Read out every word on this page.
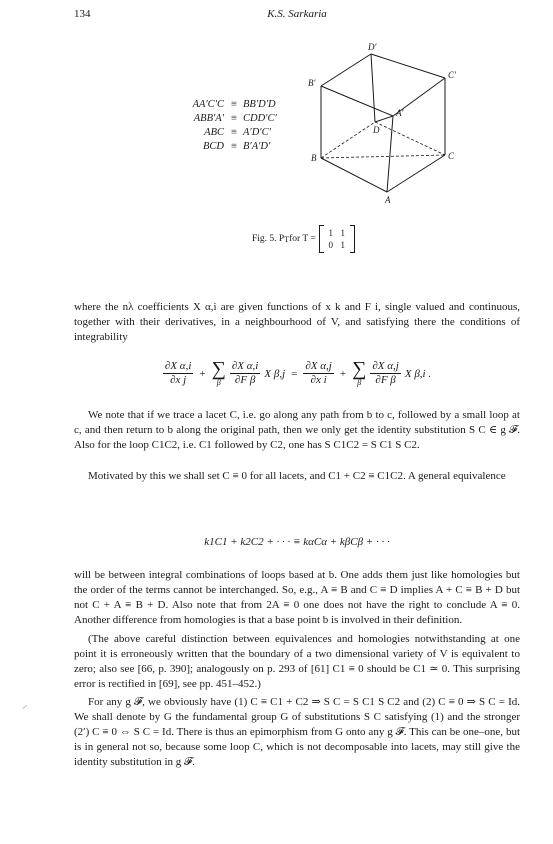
134	K.S. Sarkaria
AA′C′C ≡ BB′D′D
ABB′A′ ≡ CDD′C′
ABC ≡ A′D′C′
BCD ≡ B′A′D′
D′
B′
C′
A′
D
B	C
A
Fig. 5. P T for T =
1 1
0 1

where the nλ coefficients X α,i are given functions of x k and F i, single valued and continuous, together with their derivatives, in a neighbourhood of V, and satisfying there the conditions of integrability

$\frac{\text{∂X α,i}}{\text{∂x j}}$ + ∑
β $\frac{\text{∂X α,i}}{\text{∂F β}}$ X $\beta,j = \frac{\text{∂X α,j}}{\text{∂x i}}$ + ∑
β $\frac{\text{∂X α,j}}{\text{∂F β}}$ X β,i .

We note that if we trace a lacet C, i.e. go along any path from b to c, followed by a small loop at c, and then return to b along the original path, then we only get the identity substitution S C ∈ g 𝓕. Also for the loop C1C2, i.e. C1 followed by C2, one has S C1C2 = S C1 S C2.

Motivated by this we shall set C ≡ 0 for all lacets, and C1 + C2 ≡ C1C2. A general equivalence

k1C1 + k2C2 + · · · ≡ kαCα + kβCβ + · · ·

will be between integral combinations of loops based at b. One adds them just like homologies but the order of the terms cannot be interchanged. So, e.g., A ≡ B and C ≡ D implies A + C ≡ B + D but not C + A ≡ B + D. Also note that from 2A ≡ 0 one does not have the right to conclude A ≡ 0. Another difference from homologies is that a base point b is involved in their definition.

(The above careful distinction between equivalences and homologies notwithstanding at one point it is erroneously written that the boundary of a two dimensional variety of V is equivalent to zero; also see [66, p. 390]; analogously on p. 293 of [61] C1 ≡ 0 should be C1 ≃ 0. This surprising error is rectified in [69], see pp. 451–452.)

For any g 𝓕, we obviously have (1) C ≡ C1 + C2 ⇒ S C = S C1 S C2 and (2) C ≡ 0 ⇒ S C = Id. We shall denote by G the fundamental group G of substitutions S C satisfying (1) and the stronger (2′) C ≡ 0 ⇔ S C = Id. There is thus an epimorphism from G onto any g 𝓕. This can be one–one, but is in general not so, because some loop C, which is not decomposable into lacets, may still give the identity substitution in g 𝓕.

⸝
